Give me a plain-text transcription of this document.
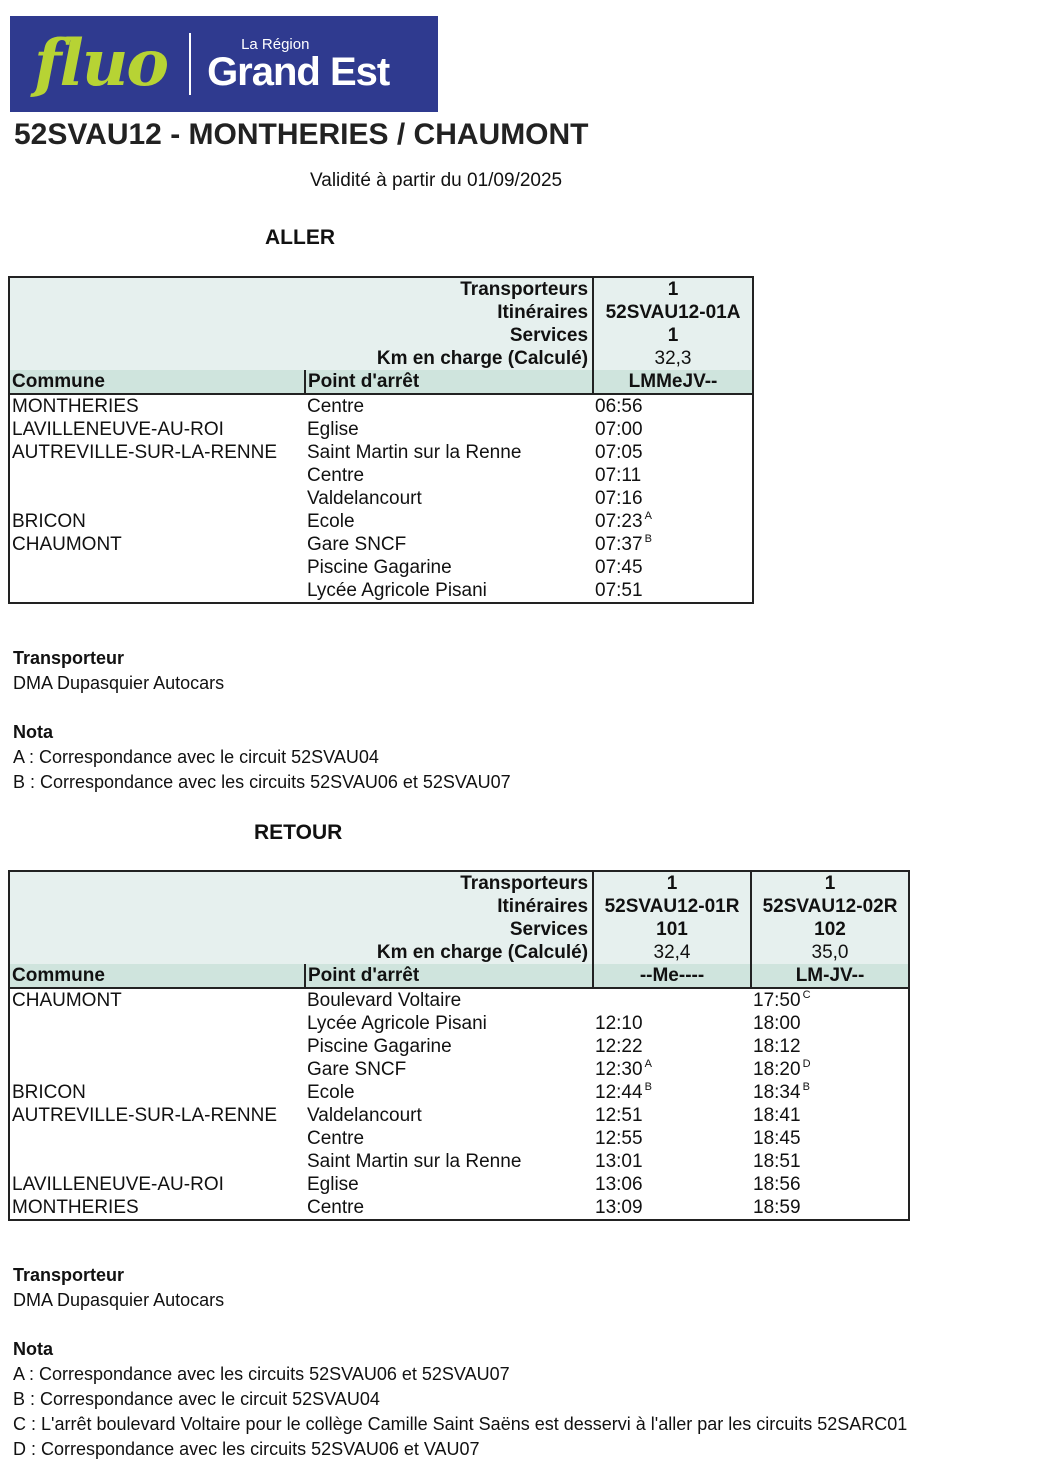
fluo	La Région
Grand Est
52SVAU12 - MONTHERIES / CHAUMONT
Validité à partir du 01/09/2025
ALLER
Transporteurs		1
Itinéraires		52SVAU12-01A
Services		1
Km en charge (Calculé)		32,3
Commune	Point d'arrêt	LMMeJV--
MONTHERIES	Centre	06:56
LAVILLENEUVE-AU-ROI	Eglise	07:00
AUTREVILLE-SUR-LA-RENNE	Saint Martin sur la Renne	07:05
	Centre	07:11
	Valdelancourt	07:16
BRICON	Ecole	07:23 $^A$
CHAUMONT	Gare SNCF	07:37 $^B$
	Piscine Gagarine	07:45
	Lycée Agricole Pisani	07:51
Transporteur
DMA Dupasquier Autocars
Nota
A : Correspondance avec le circuit 52SVAU04
B : Correspondance avec les circuits 52SVAU06 et 52SVAU07
RETOUR
Transporteurs		1	1
Itinéraires		52SVAU12-01R	52SVAU12-02R
Services		101	102
Km en charge (Calculé)		32,4	35,0
Commune	Point d'arrêt	--Me----	LM-JV--
CHAUMONT	Boulevard Voltaire		17:50 $^C$
	Lycée Agricole Pisani	12:10	18:00
	Piscine Gagarine	12:22	18:12
	Gare SNCF	12:30 $^A$	18:20 $^D$
BRICON	Ecole	12:44 $^B$	18:34 $^B$
AUTREVILLE-SUR-LA-RENNE	Valdelancourt	12:51	18:41
	Centre	12:55	18:45
	Saint Martin sur la Renne	13:01	18:51
LAVILLENEUVE-AU-ROI	Eglise	13:06	18:56
MONTHERIES	Centre	13:09	18:59
Transporteur
DMA Dupasquier Autocars
Nota
A : Correspondance avec les circuits 52SVAU06 et 52SVAU07
B : Correspondance avec le circuit 52SVAU04
C : L'arrêt boulevard Voltaire pour le collège Camille Saint Saëns est desservi à l'aller par les circuits 52SARC01
D : Correspondance avec les circuits 52SVAU06 et VAU07
